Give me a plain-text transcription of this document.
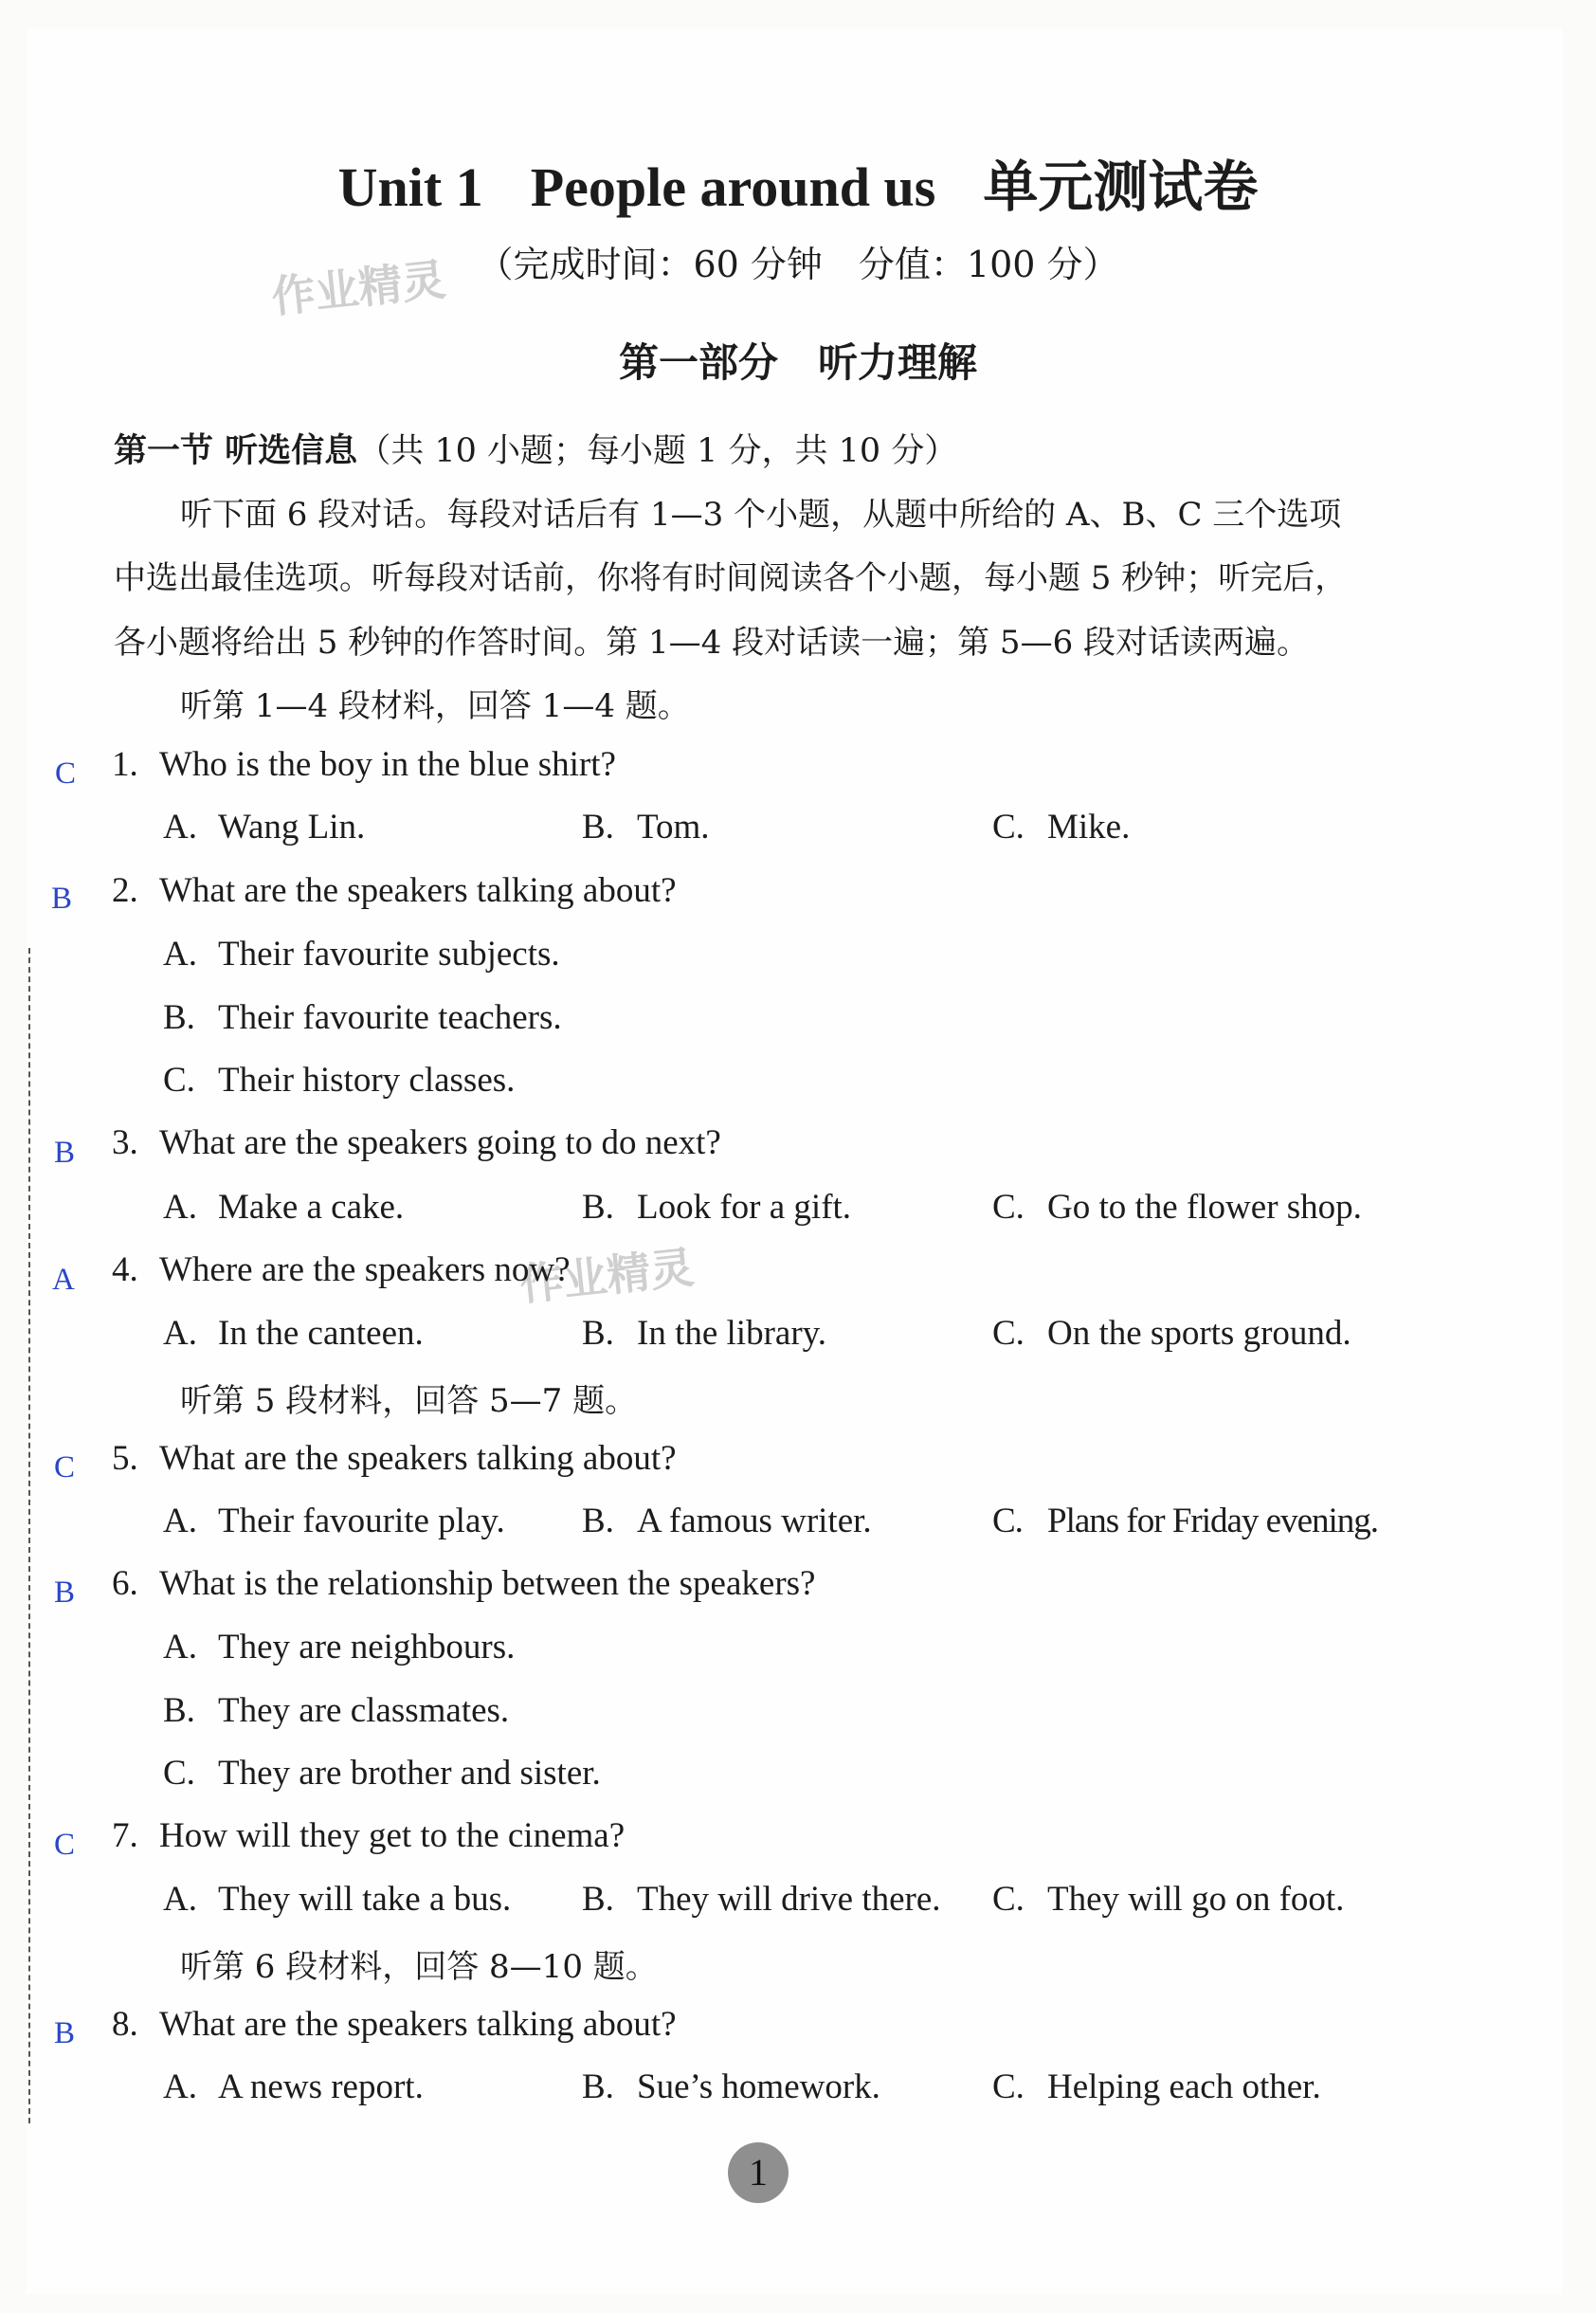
Unit 1 People around us 单元测试卷
（完成时间：60 分钟　分值：100 分）
作业精灵
作业精灵
第一部分　听力理解
第一节 听选信息（共 10 小题；每小题 1 分，共 10 分）
听下面 6 段对话。每段对话后有 1—3 个小题，从题中所给的 A、B、C 三个选项
中选出最佳选项。听每段对话前，你将有时间阅读各个小题，每小题 5 秒钟；听完后，
各小题将给出 5 秒钟的作答时间。第 1—4 段对话读一遍；第 5—6 段对话读两遍。
听第 1—4 段材料，回答 1—4 题。
C 1. Who is the boy in the blue shirt?
A. Wang Lin.	B. Tom.	C. Mike.
B 2. What are the speakers talking about?
A. Their favourite subjects.
B. Their favourite teachers.
C. Their history classes.
B 3. What are the speakers going to do next?
A. Make a cake.	B. Look for a gift.	C. Go to the flower shop.
A 4. Where are the speakers now?
A. In the canteen.	B. In the library.	C. On the sports ground.
听第 5 段材料，回答 5—7 题。
C 5. What are the speakers talking about?
A. Their favourite play. B. A famous writer.	C. Plans for Friday evening.
B 6. What is the relationship between the speakers?
A. They are neighbours.
B. They are classmates.
C. They are brother and sister.
C 7. How will they get to the cinema?
A. They will take a bus. B. They will drive there. C. They will go on foot.
听第 6 段材料，回答 8—10 题。
B 8. What are the speakers talking about?
A. A news report.	B. Sue’s homework.	C. Helping each other.
1
